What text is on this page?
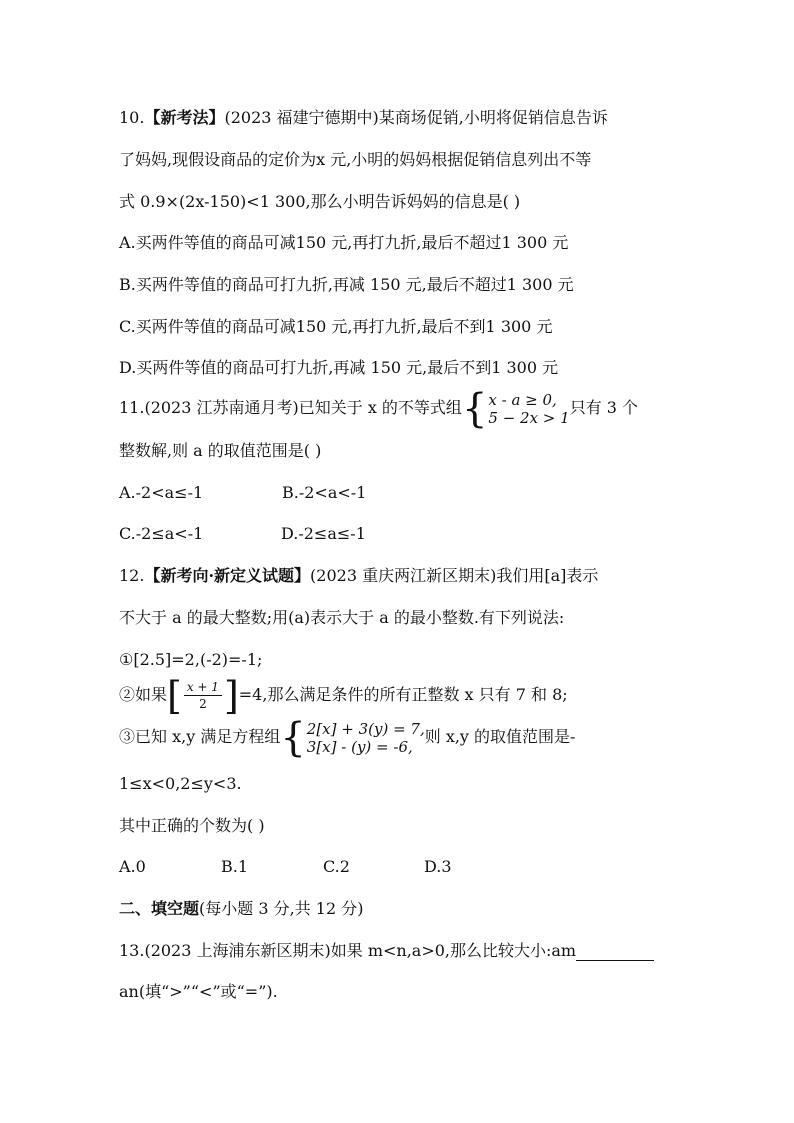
10.【新考法】(2023 福建宁德期中)某商场促销,小明将促销信息告诉
了妈妈,现假设商品的定价为x 元,小明的妈妈根据促销信息列出不等
式 0.9×(2x-150)<1 300,那么小明告诉妈妈的信息是( )
A.买两件等值的商品可减150 元,再打九折,最后不超过1 300 元
B.买两件等值的商品可打九折,再减 150 元,最后不超过1 300 元
C.买两件等值的商品可减150 元,再打九折,最后不到1 300 元
D.买两件等值的商品可打九折,再减 150 元,最后不到1 300 元
11.(2023 江苏南通月考)已知关于 x 的不等式组 { x - a ≥ 0,
5 − 2x > 1
只有 3 个
整数解,则 a 的取值范围是( )
A.-2<a≤-1	B.-2<a<-1
C.-2≤a<-1	D.-2≤a≤-1
12.【新考向·新定义试题】(2023 重庆两江新区期末)我们用[a]表示
不大于 a 的最大整数;用(a)表示大于 a 的最小整数.有下列说法:
①[2.5]=2,(-2)=-1;
②如果 [ $\frac{x + 1}{2}$ ] =4,那么满足条件的所有正整数 x 只有 7 和 8;
③已知 x,y 满足方程组 { 2[x] + 3(y) = 7,
3[x] - (y) = -6,
则 x,y 的取值范围是-
1≤x<0,2≤y<3.
其中正确的个数为( )
A.0	B.1	C.2	D.3
二、填空题(每小题 3 分,共 12 分)
13.(2023 上海浦东新区期末)如果 m<n,a>0,那么比较大小:am
an(填“>”“<”或“=”).
